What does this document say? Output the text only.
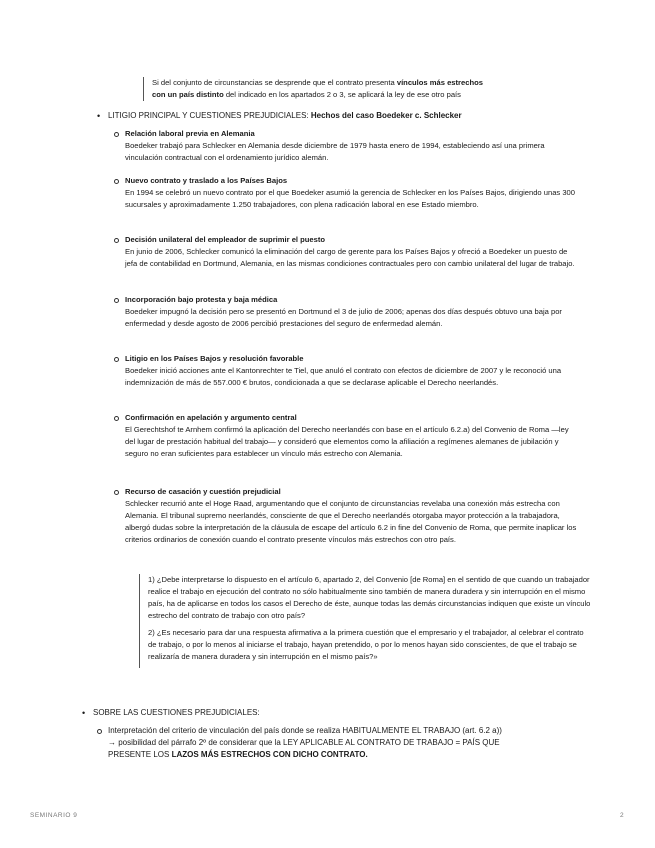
Si del conjunto de circunstancias se desprende que el contrato presenta vínculos más estrechos
con un país distinto del indicado en los apartados 2 o 3, se aplicará la ley de ese otro país
• LITIGIO PRINCIPAL Y CUESTIONES PREJUDICIALES: Hechos del caso Boedeker c. Schlecker
Relación laboral previa en Alemania
Boedeker trabajó para Schlecker en Alemania desde diciembre de 1979 hasta enero de 1994, estableciendo así una primera vinculación contractual con el ordenamiento jurídico alemán.
Nuevo contrato y traslado a los Países Bajos
En 1994 se celebró un nuevo contrato por el que Boedeker asumió la gerencia de Schlecker en los Países Bajos, dirigiendo unas 300 sucursales y aproximadamente 1.250 trabajadores, con plena radicación laboral en ese Estado miembro.
Decisión unilateral del empleador de suprimir el puesto
En junio de 2006, Schlecker comunicó la eliminación del cargo de gerente para los Países Bajos y ofreció a Boedeker un puesto de jefa de contabilidad en Dortmund, Alemania, en las mismas condiciones contractuales pero con cambio unilateral del lugar de trabajo.
Incorporación bajo protesta y baja médica
Boedeker impugnó la decisión pero se presentó en Dortmund el 3 de julio de 2006; apenas dos días después obtuvo una baja por enfermedad y desde agosto de 2006 percibió prestaciones del seguro de enfermedad alemán.
Litigio en los Países Bajos y resolución favorable
Boedeker inició acciones ante el Kantonrechter te Tiel, que anuló el contrato con efectos de diciembre de 2007 y le reconoció una indemnización de más de 557.000 € brutos, condicionada a que se declarase aplicable el Derecho neerlandés.
Confirmación en apelación y argumento central
El Gerechtshof te Arnhem confirmó la aplicación del Derecho neerlandés con base en el artículo 6.2.a) del Convenio de Roma —ley del lugar de prestación habitual del trabajo— y consideró que elementos como la afiliación a regímenes alemanes de jubilación y seguro no eran suficientes para establecer un vínculo más estrecho con Alemania.
Recurso de casación y cuestión prejudicial
Schlecker recurrió ante el Hoge Raad, argumentando que el conjunto de circunstancias revelaba una conexión más estrecha con Alemania. El tribunal supremo neerlandés, consciente de que el Derecho neerlandés otorgaba mayor protección a la trabajadora, albergó dudas sobre la interpretación de la cláusula de escape del artículo 6.2 in fine del Convenio de Roma, que permite inaplicar los criterios ordinarios de conexión cuando el contrato presente vínculos más estrechos con otro país.

1) ¿Debe interpretarse lo dispuesto en el artículo 6, apartado 2, del Convenio [de Roma] en el sentido de que cuando un trabajador realice el trabajo en ejecución del contrato no sólo habitualmente sino también de manera duradera y sin interrupción en el mismo país, ha de aplicarse en todos los casos el Derecho de éste, aunque todas las demás circunstancias indiquen que existe un vínculo estrecho del contrato de trabajo con otro país?

2) ¿Es necesario para dar una respuesta afirmativa a la primera cuestión que el empresario y el trabajador, al celebrar el contrato de trabajo, o por lo menos al iniciarse el trabajo, hayan pretendido, o por lo menos hayan sido conscientes, de que el trabajo se realizaría de manera duradera y sin interrupción en el mismo país?»

• SOBRE LAS CUESTIONES PREJUDICIALES:
Interpretación del criterio de vinculación del país donde se realiza HABITUALMENTE EL TRABAJO (art. 6.2 a))
→ posibilidad del párrafo 2º de considerar que la LEY APLICABLE AL CONTRATO DE TRABAJO = PAÍS QUE
PRESENTE LOS LAZOS MÁS ESTRECHOS CON DICHO CONTRATO.
SEMINARIO 9	2
